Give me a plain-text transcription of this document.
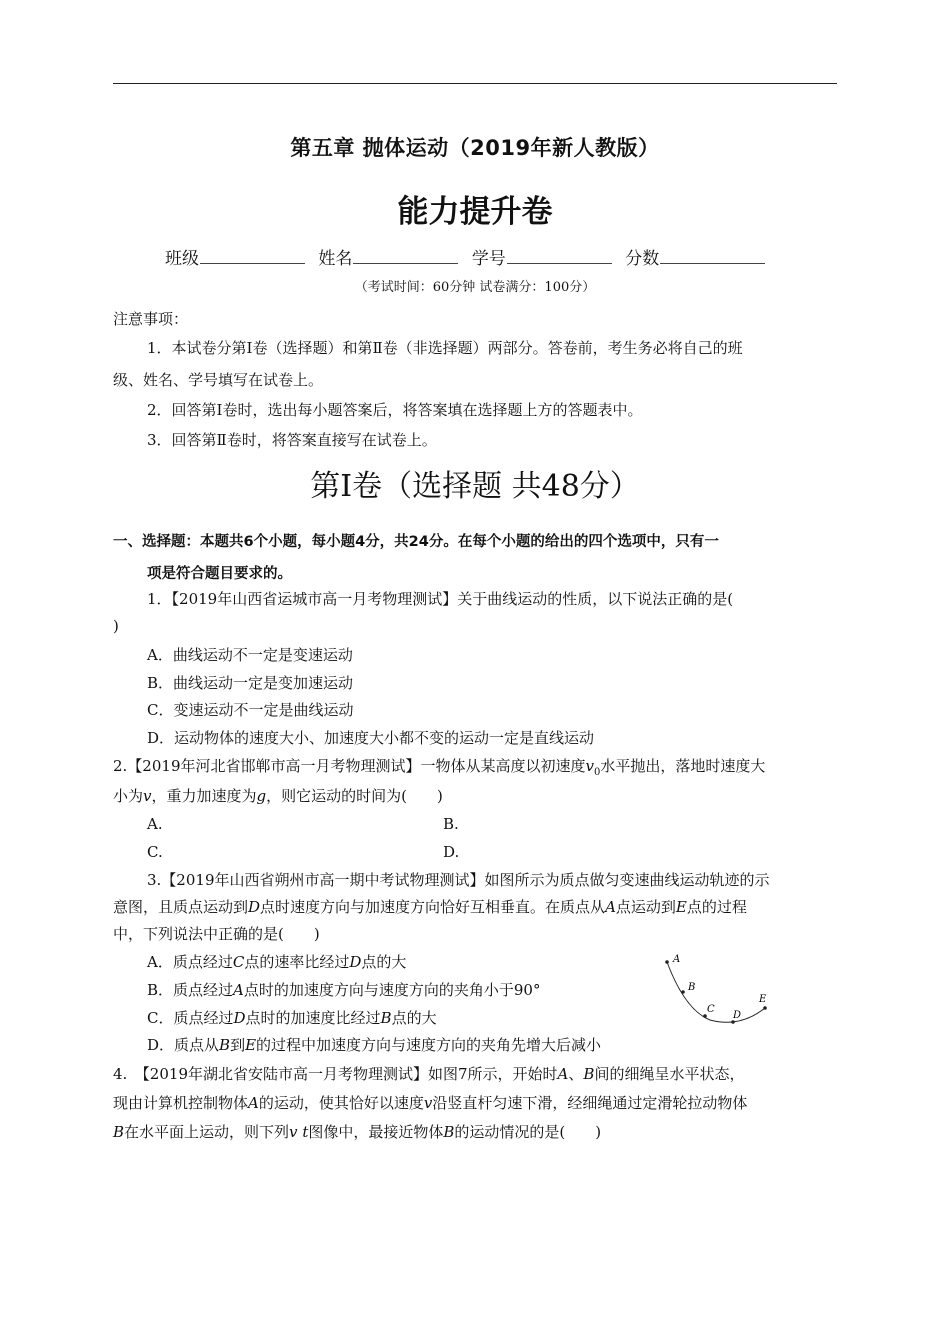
第五章 抛体运动（2019年新人教版）
能力提升卷
班级	姓名	学号	分数
（考试时间：60分钟 试卷满分：100分）
注意事项：
1．本试卷分第Ⅰ卷（选择题）和第Ⅱ卷（非选择题）两部分。答卷前，考生务必将自己的班
级、姓名、学号填写在试卷上。
2．回答第Ⅰ卷时，选出每小题答案后，将答案填在选择题上方的答题表中。
3．回答第Ⅱ卷时，将答案直接写在试卷上。
第Ⅰ卷（选择题 共48分）
一、选择题：本题共6个小题，每小题4分，共24分。在每个小题的给出的四个选项中，只有一
项是符合题目要求的。
1．【2019年山西省运城市高一月考物理测试】关于曲线运动的性质，以下说法正确的是(
)
A．曲线运动不一定是变速运动
B．曲线运动一定是变加速运动
C．变速运动不一定是曲线运动
D．运动物体的速度大小、加速度大小都不变的运动一定是直线运动
2.【2019年河北省邯郸市高一月考物理测试】一物体从某高度以初速度$v_0$水平抛出，落地时速度大
小为v，重力加速度为g，则它运动的时间为(　　)
A.	B.
C.	D.
3.【2019年山西省朔州市高一期中考试物理测试】如图所示为质点做匀变速曲线运动轨迹的示
意图，且质点运动到D点时速度方向与加速度方向恰好互相垂直。在质点从A点运动到E点的过程
中，下列说法中正确的是(　　)
A．质点经过C点的速率比经过D点的大
B．质点经过A点时的加速度方向与速度方向的夹角小于90°
C．质点经过D点时的加速度比经过B点的大
D．质点从B到E的过程中加速度方向与速度方向的夹角先增大后减小
A
B
C
D
E
4.　【2019年湖北省安陆市高一月考物理测试】如图7所示，开始时A、B间的细绳呈水平状态，
现由计算机控制物体A的运动，使其恰好以速度v沿竖直杆匀速下滑，经细绳通过定滑轮拉动物体
B在水平面上运动，则下列v t图像中，最接近物体B的运动情况的是(　　)
